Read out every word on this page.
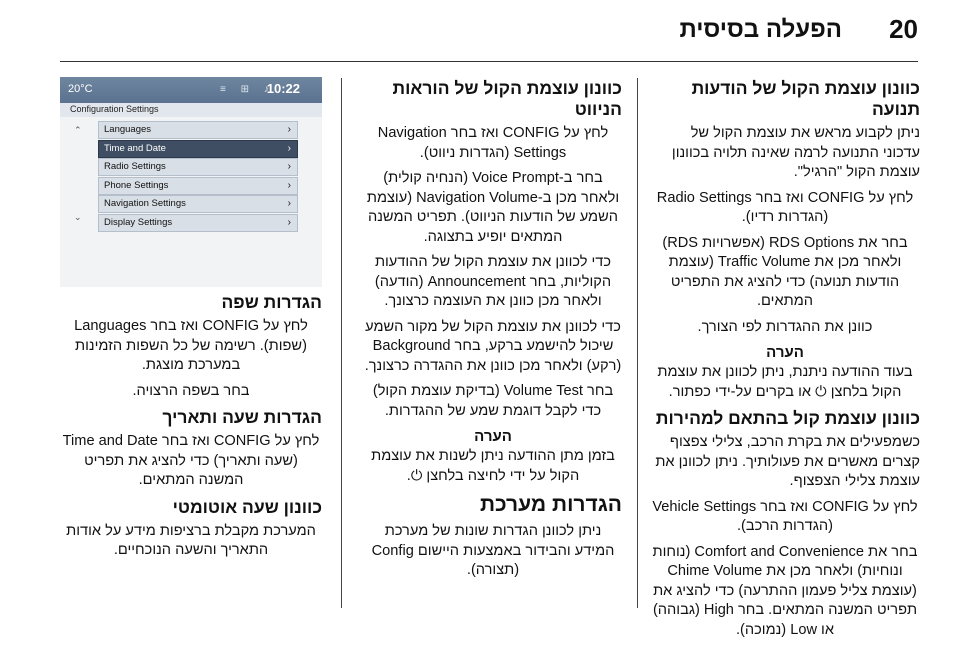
20
הפעלה בסיסית
כוונון עוצמת הקול של הודעות תנועה

ניתן לקבוע מראש את עוצמת הקול של עדכוני התנועה לרמה שאינה תלויה בכוונון עוצמת הקול "הרגיל".

לחץ על CONFIG ואז בחר Radio Settings (הגדרות רדיו).

בחר את RDS Options (אפשרויות RDS) ולאחר מכן את Traffic Volume (עוצמת הודעות תנועה) כדי להציג את התפריט המתאים.

כוונן את ההגדרות לפי הצורך.

הערה

בעוד ההודעה ניתנת, ניתן לכוונן את עוצמת הקול בלחצן ⏻ או בקרים על-ידי כפתור.

כוונון עוצמת קול בהתאם למהירות

כשמפעילים את בקרת הרכב, צלילי צפצוף קצרים מאשרים את פעולותיך. ניתן לכוונן את עוצמת צלילי הצפצוף.

לחץ על CONFIG ואז בחר Vehicle Settings (הגדרות הרכב).

בחר את Comfort and Convenience (נוחות ונוחיות) ולאחר מכן את Chime Volume (עוצמת צליל פעמון ההתרעה) כדי להציג את תפריט המשנה המתאים. בחר High (גבוהה) או Low (נמוכה).

כוונון עוצמת הקול של הוראות הניווט

לחץ על CONFIG ואז בחר Navigation Settings (הגדרות ניווט).

בחר ב-Voice Prompt (הנחיה קולית) ולאחר מכן ב-Navigation Volume (עוצמת השמע של הודעות הניווט). תפריט המשנה המתאים יופיע בתצוגה.

כדי לכוונן את עוצמת הקול של ההודעות הקוליות, בחר Announcement (הודעה) ולאחר מכן כוונן את העוצמה כרצונך.

כדי לכוונן את עוצמת הקול של מקור השמע שיכול להישמע ברקע, בחר Background (רקע) ולאחר מכן כוונן את ההגדרה כרצונך.

בחר Volume Test (בדיקת עוצמת הקול) כדי לקבל דוגמת שמע של ההגדרות.

הערה

בזמן מתן ההודעה ניתן לשנות את עוצמת הקול על ידי לחיצה בלחצן ⏻.

הגדרות מערכת

ניתן לכוונן הגדרות שונות של מערכת המידע והבידור באמצעות היישום Config (תצורה).

20°C	≡ ⊞ ♪
10:22
Configuration Settings
⌃
⌄
Languages	›
Time and Date	›
Radio Settings	›
Phone Settings	›
Navigation Settings	›
Display Settings	›
הגדרות שפה

לחץ על CONFIG ואז בחר Languages (שפות). רשימה של כל השפות הזמינות במערכת מוצגת.

בחר בשפה הרצויה.

הגדרות שעה ותאריך

לחץ על CONFIG ואז בחר Time and Date (שעה ותאריך) כדי להציג את תפריט המשנה המתאים.

כוונון שעה אוטומטי

המערכת מקבלת ברציפות מידע על אודות התאריך והשעה הנוכחיים.
